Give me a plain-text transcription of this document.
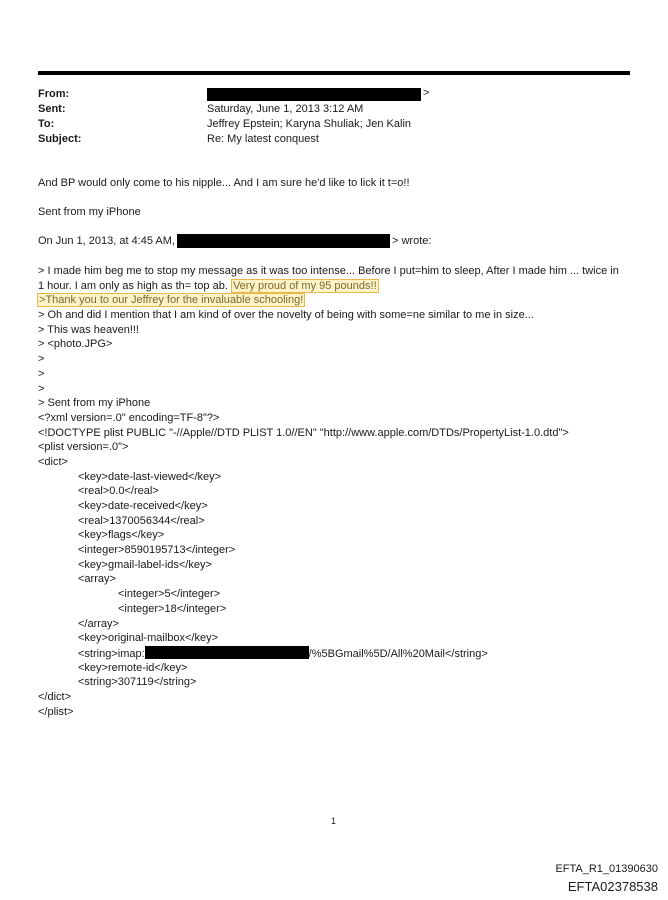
From:	>
Sent:	Saturday, June 1, 2013 3:12 AM
To:	Jeffrey Epstein; Karyna Shuliak; Jen Kalin
Subject:	Re: My latest conquest
And BP would only come to his nipple... And I am sure he'd like to lick it t=o!!
Sent from my iPhone
On Jun 1, 2013, at 4:45 AM,	> wrote:
> I made him beg me to stop my message as it was too intense... Before I put=him to sleep, After I made him ... twice in
1 hour. I am only as high as th= top ab. Very proud of my 95 pounds!!
>Thank you to our Jeffrey for the invaluable schooling!
> Oh and did I mention that I am kind of over the novelty of being with some=ne similar to me in size...
> This was heaven!!!
> <photo.JPG>
>
>
>
> Sent from my iPhone
<?xml version=.0" encoding=TF-8"?>
<!DOCTYPE plist PUBLIC "-//Apple//DTD PLIST 1.0//EN" "http://www.apple.com/DTDs/PropertyList-1.0.dtd">
<plist version=.0">
<dict>
<key>date-last-viewed</key>
<real>0.0</real>
<key>date-received</key>
<real>1370056344</real>
<key>flags</key>
<integer>8590195713</integer>
<key>gmail-label-ids</key>
<array>
<integer>5</integer>
<integer>18</integer>
</array>
<key>original-mailbox</key>
<string>imap:	/%5BGmail%5D/All%20Mail</string>
<key>remote-id</key>
<string>307119</string>
</dict>
</plist>
1
EFTA_R1_01390630
EFTA02378538
